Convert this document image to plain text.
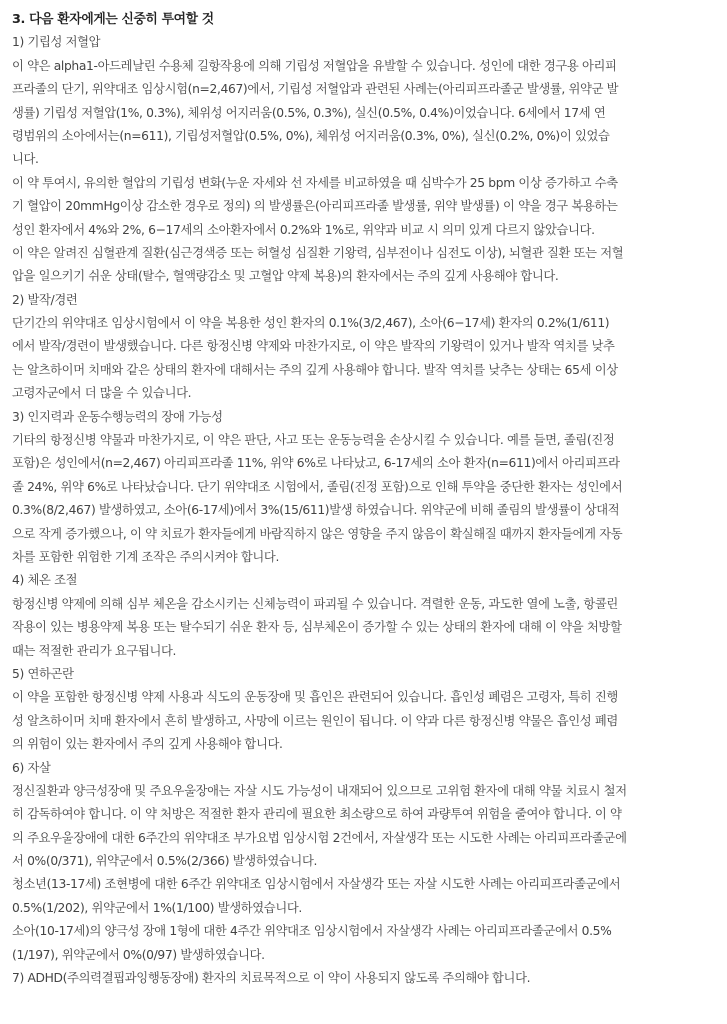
3. 다음 환자에게는 신중히 투여할 것
1) 기립성 저혈압
이 약은 alpha1-아드레날린 수용체 길항작용에 의해 기립성 저혈압을 유발할 수 있습니다. 성인에 대한 경구용 아리피
프라졸의 단기, 위약대조 임상시험(n=2,467)에서, 기립성 저혈압과 관련된 사례는(아리피프라졸군 발생률, 위약군 발
생률) 기립성 저혈압(1%, 0.3%), 체위성 어지러움(0.5%, 0.3%), 실신(0.5%, 0.4%)이었습니다. 6세에서 17세 연
령범위의 소아에서는(n=611), 기립성저혈압(0.5%, 0%), 체위성 어지러움(0.3%, 0%), 실신(0.2%, 0%)이 있었습
니다.
이 약 투여시, 유의한 혈압의 기립성 변화(누운 자세와 선 자세를 비교하였을 때 심박수가 25 bpm 이상 증가하고 수축
기 혈압이 20mmHg이상 감소한 경우로 정의) 의 발생률은(아리피프라졸 발생률, 위약 발생률) 이 약을 경구 복용하는
성인 환자에서 4%와 2%, 6−17세의 소아환자에서 0.2%와 1%로, 위약과 비교 시 의미 있게 다르지 않았습니다.
이 약은 알려진 심혈관계 질환(심근경색증 또는 허혈성 심질환 기왕력, 심부전이나 심전도 이상), 뇌혈관 질환 또는 저혈
압을 일으키기 쉬운 상태(탈수, 혈액량감소 및 고혈압 약제 복용)의 환자에서는 주의 깊게 사용해야 합니다.
2) 발작/경련
단기간의 위약대조 임상시험에서 이 약을 복용한 성인 환자의 0.1%(3/2,467), 소아(6−17세) 환자의 0.2%(1/611)
에서 발작/경련이 발생했습니다. 다른 항정신병 약제와 마찬가지로, 이 약은 발작의 기왕력이 있거나 발작 역치를 낮추
는 알츠하이머 치매와 같은 상태의 환자에 대해서는 주의 깊게 사용해야 합니다. 발작 역치를 낮추는 상태는 65세 이상
고령자군에서 더 많을 수 있습니다.
3) 인지력과 운동수행능력의 장애 가능성
기타의 항정신병 약물과 마찬가지로, 이 약은 판단, 사고 또는 운동능력을 손상시킬 수 있습니다. 예를 들면, 졸림(진정
포함)은 성인에서(n=2,467) 아리피프라졸 11%, 위약 6%로 나타났고, 6-17세의 소아 환자(n=611)에서 아리피프라
졸 24%, 위약 6%로 나타났습니다. 단기 위약대조 시험에서, 졸림(진정 포함)으로 인해 투약을 중단한 환자는 성인에서
0.3%(8/2,467) 발생하였고, 소아(6-17세)에서 3%(15/611)발생 하였습니다. 위약군에 비해 졸림의 발생률이 상대적
으로 작게 증가했으나, 이 약 치료가 환자들에게 바람직하지 않은 영향을 주지 않음이 확실해질 때까지 환자들에게 자동
차를 포함한 위험한 기계 조작은 주의시켜야 합니다.
4) 체온 조절
항정신병 약제에 의해 심부 체온을 감소시키는 신체능력이 파괴될 수 있습니다. 격렬한 운동, 과도한 열에 노출, 항콜린
작용이 있는 병용약제 복용 또는 탈수되기 쉬운 환자 등, 심부체온이 증가할 수 있는 상태의 환자에 대해 이 약을 처방할
때는 적절한 관리가 요구됩니다.
5) 연하곤란
이 약을 포함한 항정신병 약제 사용과 식도의 운동장애 및 흡인은 관련되어 있습니다. 흡인성 폐렴은 고령자, 특히 진행
성 알츠하이머 치매 환자에서 흔히 발생하고, 사망에 이르는 원인이 됩니다. 이 약과 다른 항정신병 약물은 흡인성 폐렴
의 위험이 있는 환자에서 주의 깊게 사용해야 합니다.
6) 자살
정신질환과 양극성장애 및 주요우울장애는 자살 시도 가능성이 내재되어 있으므로 고위험 환자에 대해 약물 치료시 철저
히 감독하여야 합니다. 이 약 처방은 적절한 환자 관리에 필요한 최소량으로 하여 과량투여 위험을 줄여야 합니다. 이 약
의 주요우울장애에 대한 6주간의 위약대조 부가요법 임상시험 2건에서, 자살생각 또는 시도한 사례는 아리피프라졸군에
서 0%(0/371), 위약군에서 0.5%(2/366) 발생하였습니다.
청소년(13-17세) 조현병에 대한 6주간 위약대조 임상시험에서 자살생각 또는 자살 시도한 사례는 아리피프라졸군에서
0.5%(1/202), 위약군에서 1%(1/100) 발생하였습니다.
소아(10-17세)의 양극성 장애 1형에 대한 4주간 위약대조 임상시험에서 자살생각 사례는 아리피프라졸군에서 0.5%
(1/197), 위약군에서 0%(0/97) 발생하였습니다.
7) ADHD(주의력결핍과잉행동장애) 환자의 치료목적으로 이 약이 사용되지 않도록 주의해야 합니다.
